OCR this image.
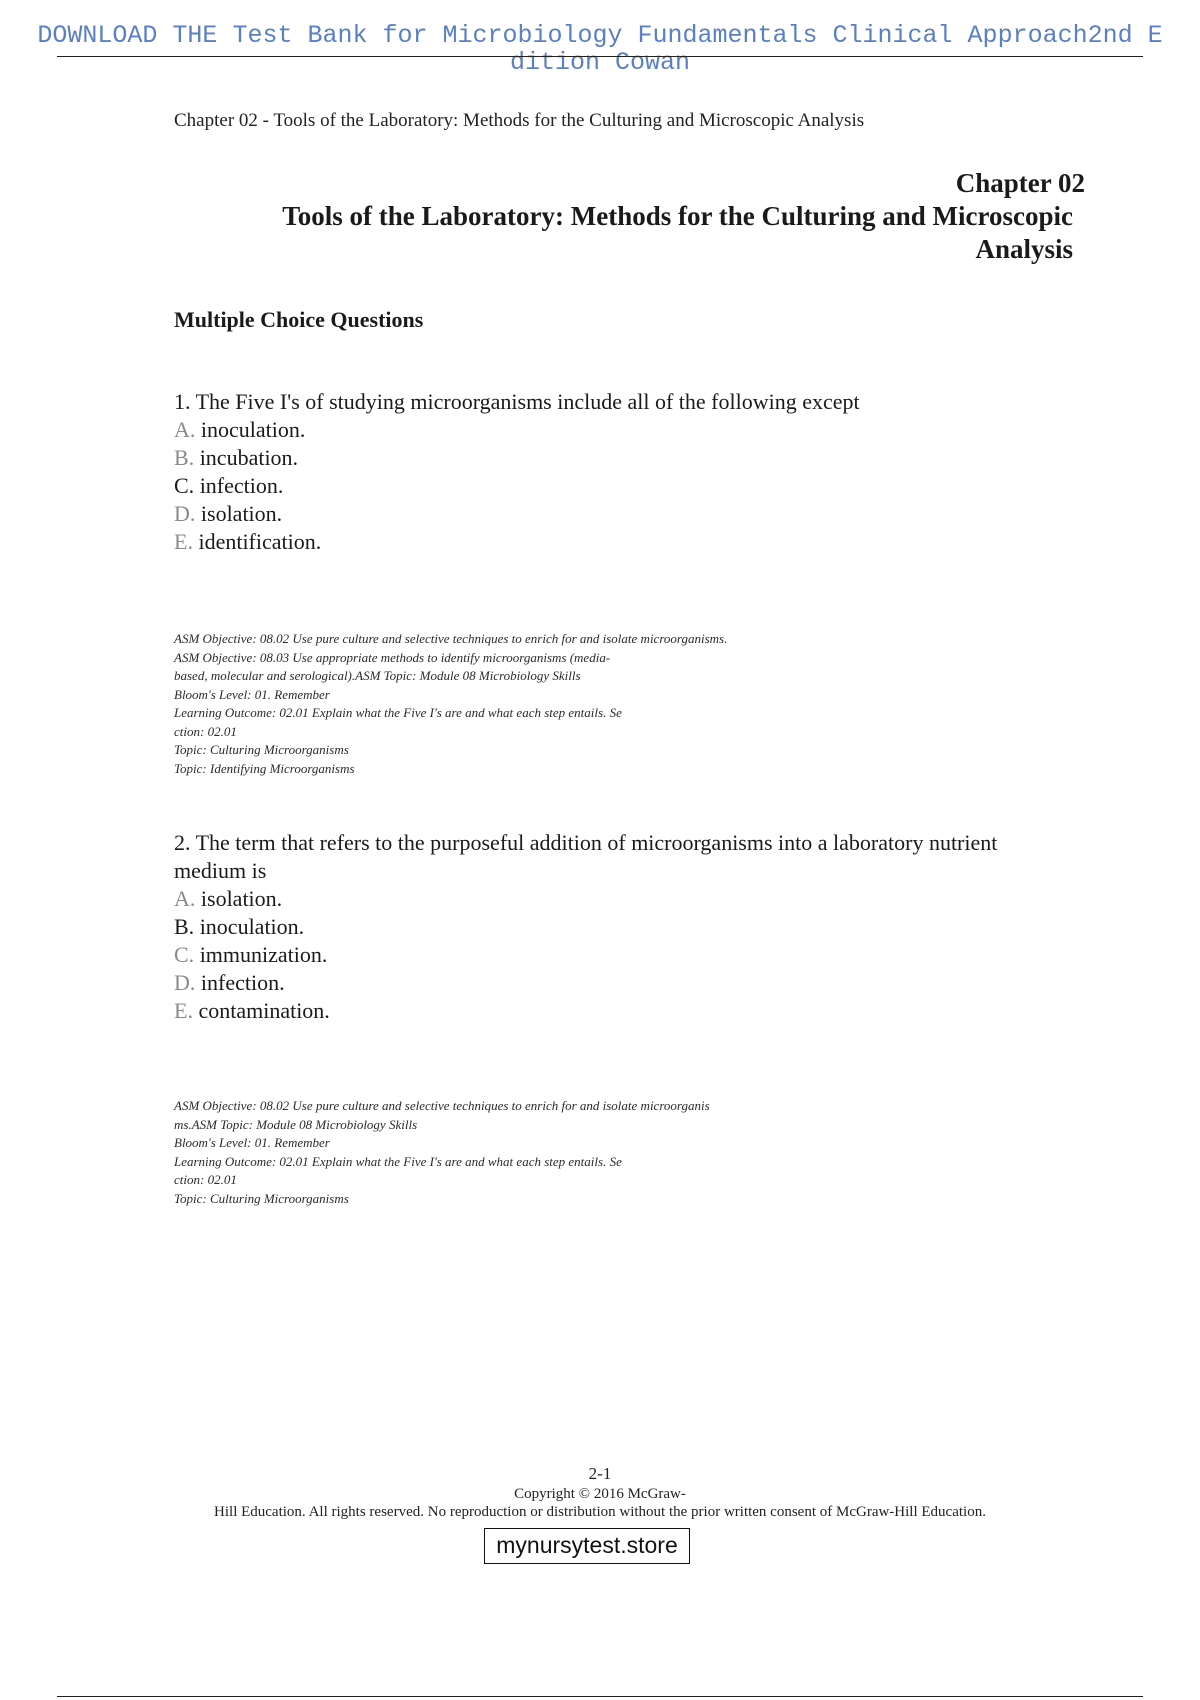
DOWNLOAD THE Test Bank for Microbiology Fundamentals Clinical Approach2nd E
dition Cowan
Chapter 02 - Tools of the Laboratory: Methods for the Culturing and Microscopic Analysis
Chapter 02
Tools of the Laboratory: Methods for the Culturing and Microscopic
Analysis
Multiple Choice Questions

1. The Five I's of studying microorganisms include all of the following except

A. inoculation.
B. incubation.
C. infection.
D. isolation.
E. identification.
ASM Objective: 08.02 Use pure culture and selective techniques to enrich for and isolate microorganisms.
ASM Objective: 08.03 Use appropriate methods to identify microorganisms (media-
based, molecular and serological).ASM Topic: Module 08 Microbiology Skills
Bloom's Level: 01. Remember
Learning Outcome: 02.01 Explain what the Five I's are and what each step entails. Se
ction: 02.01
Topic: Culturing Microorganisms
Topic: Identifying Microorganisms

2. The term that refers to the purposeful addition of microorganisms into a laboratory nutrient medium is

A. isolation.
B. inoculation.
C. immunization.
D. infection.
E. contamination.
ASM Objective: 08.02 Use pure culture and selective techniques to enrich for and isolate microorganis
ms.ASM Topic: Module 08 Microbiology Skills
Bloom's Level: 01. Remember
Learning Outcome: 02.01 Explain what the Five I's are and what each step entails. Se
ction: 02.01
Topic: Culturing Microorganisms
2-1
Copyright © 2016 McGraw-
Hill Education. All rights reserved. No reproduction or distribution without the prior written consent of McGraw-Hill Education.
mynursytest.store
